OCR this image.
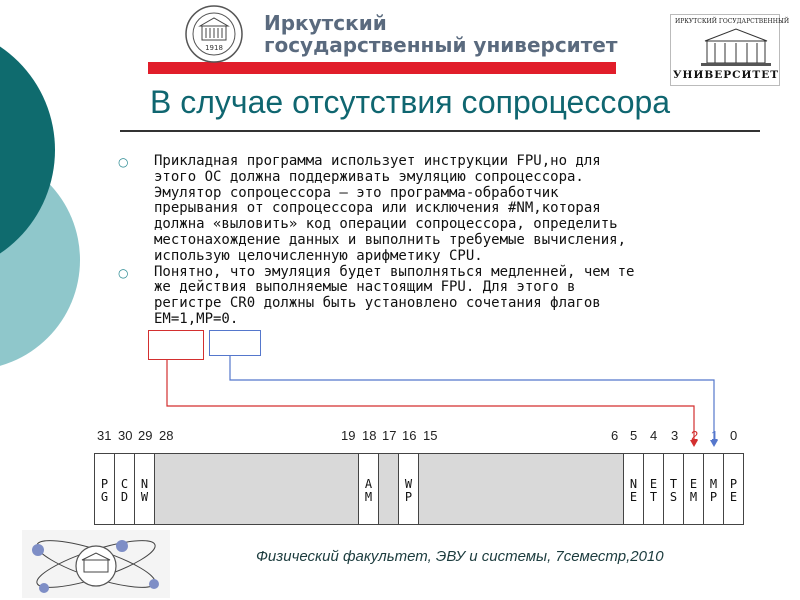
Иркутский
государственный университет
1918
ИРКУТСКИЙ ГОСУДАРСТВЕННЫЙ
УНИВЕРСИТЕТ
В случае отсутствия сопроцессора
○ Прикладная программа использует инструкции FPU,но для
этого ОС должна поддерживать эмуляцию сопроцессора.
Эмулятор сопроцессора – это программа-обработчик
прерывания от сопроцессора или исключения #NM,которая
должна «выловить» код операции сопроцессора, определить
местонахождение данных и выполнить требуемые вычисления,
использую целочисленную арифметику CPU.
○ Понятно, что эмуляция будет выполняться медленней, чем те
же действия выполняемые настоящим FPU. Для этого в
регистре CR0 должны быть установлено сочетания флагов
EM=1,MP=0.
31 30 29 28	19 18 17 16 15	6 5 4 3 2 1 0
P
G
C
D
N
W
A
M
W
P
N
E
E
T
T
S
E
M
M
P
P
E
Физический факультет, ЭВУ и системы, 7семестр,2010
